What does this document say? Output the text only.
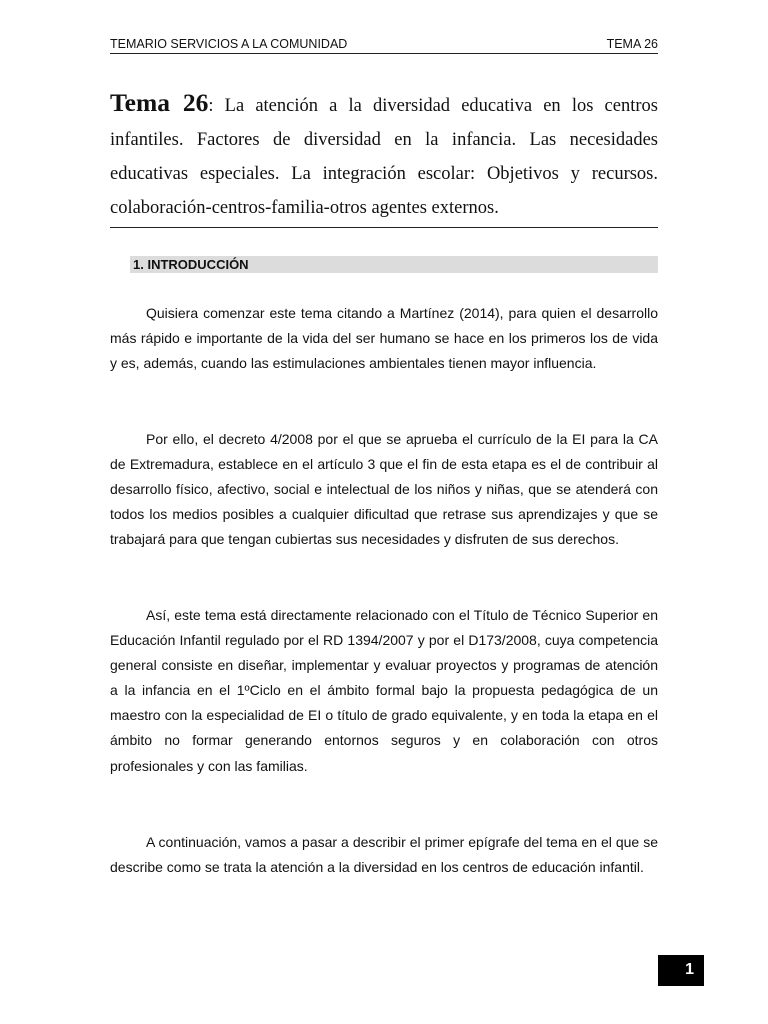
TEMARIO SERVICIOS A LA COMUNIDAD	TEMA 26
Tema 26: La atención a la diversidad educativa en los centros infantiles. Factores de diversidad en la infancia. Las necesidades educativas especiales. La integración escolar: Objetivos y recursos. colaboración-centros-familia-otros agentes externos.
1. INTRODUCCIÓN

Quisiera comenzar este tema citando a Martínez (2014), para quien el desarrollo más rápido e importante de la vida del ser humano se hace en los primeros los de vida y es, además, cuando las estimulaciones ambientales tienen mayor influencia.

Por ello, el decreto 4/2008 por el que se aprueba el currículo de la EI para la CA de Extremadura, establece en el artículo 3 que el fin de esta etapa es el de contribuir al desarrollo físico, afectivo, social e intelectual de los niños y niñas, que se atenderá con todos los medios posibles a cualquier dificultad que retrase sus aprendizajes y que se trabajará para que tengan cubiertas sus necesidades y disfruten de sus derechos.

Así, este tema está directamente relacionado con el Título de Técnico Superior en Educación Infantil regulado por el RD 1394/2007 y por el D173/2008, cuya competencia general consiste en diseñar, implementar y evaluar proyectos y programas de atención a la infancia en el 1ºCiclo en el ámbito formal bajo la propuesta pedagógica de un maestro con la especialidad de EI o título de grado equivalente, y en toda la etapa en el ámbito no formar generando entornos seguros y en colaboración con otros profesionales y con las familias.

A continuación, vamos a pasar a describir el primer epígrafe del tema en el que se describe como se trata la atención a la diversidad en los centros de educación infantil.

1
